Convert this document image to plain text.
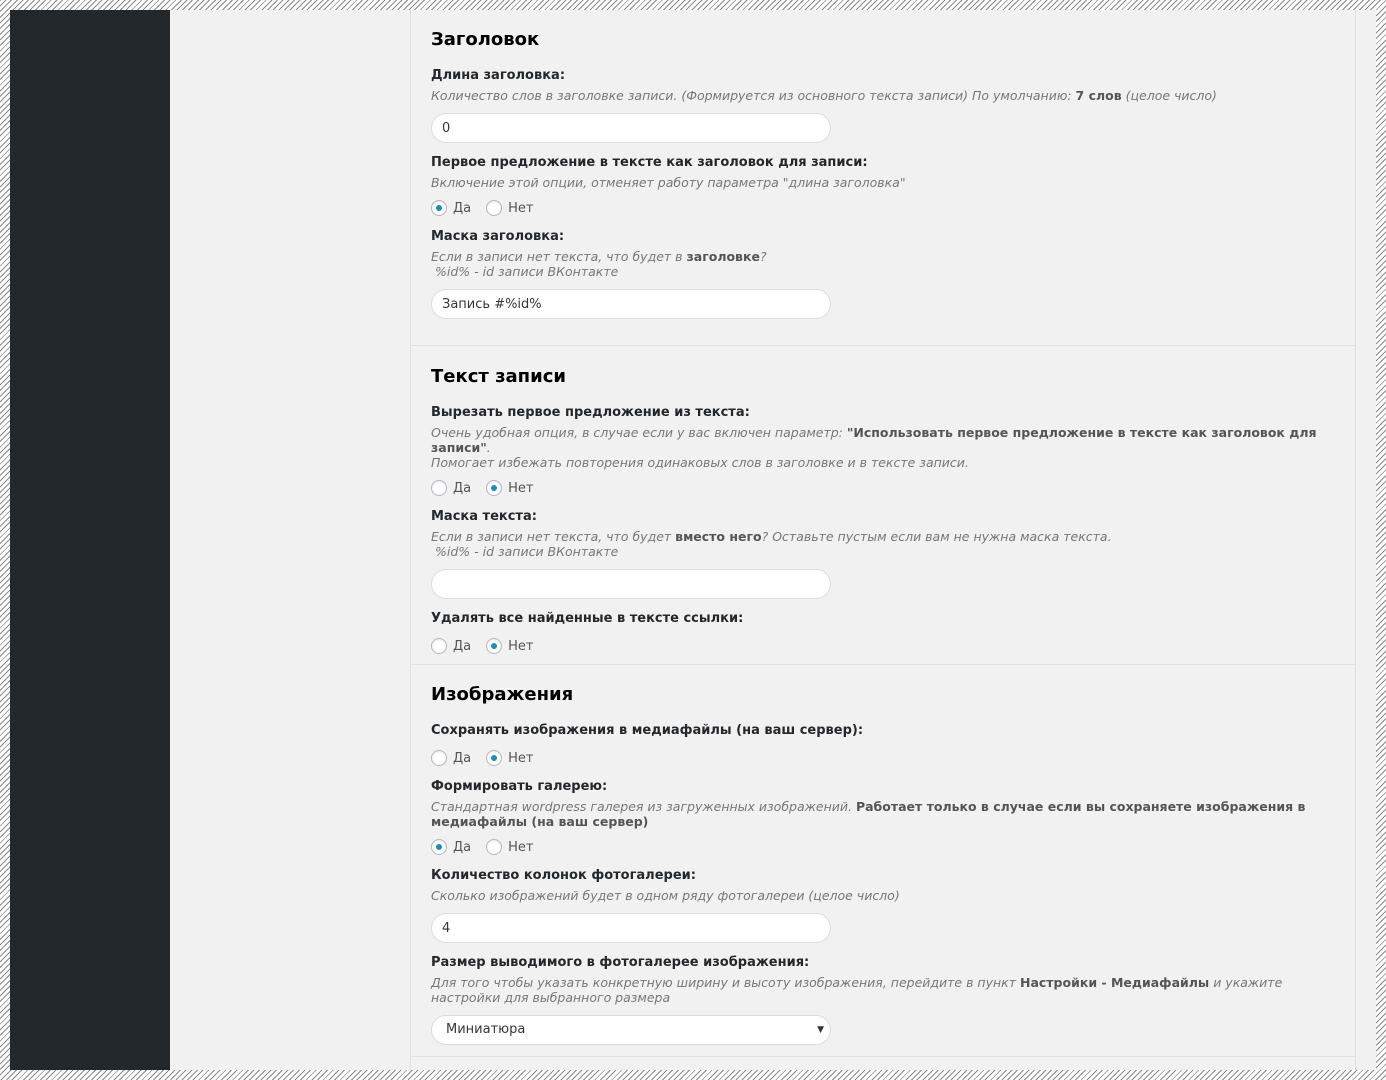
Заголовок
Длина заголовка:
Количество слов в заголовке записи. (Формируется из основного текста записи) По умолчанию: 7 слов (целое число)
0
Первое предложение в тексте как заголовок для записи:
Включение этой опции, отменяет работу параметра "длина заголовка"
Да	Нет
Маска заголовка:
Если в записи нет текста, что будет в заголовке?
%id% - id записи ВКонтакте
Запись #%id%
Текст записи
Вырезать первое предложение из текста:
Очень удобная опция, в случае если у вас включен параметр: "Использовать первое предложение в тексте как заголовок для записи".
Помогает избежать повторения одинаковых слов в заголовке и в тексте записи.
Да	Нет
Маска текста:
Если в записи нет текста, что будет вместо него? Оставьте пустым если вам не нужна маска текста.
%id% - id записи ВКонтакте
Удалять все найденные в тексте ссылки:
Да	Нет
Изображения
Сохранять изображения в медиафайлы (на ваш сервер):
Да	Нет
Формировать галерею:
Стандартная wordpress галерея из загруженных изображений. Работает только в случае если вы сохраняете изображения в медиафайлы (на ваш сервер)
Да	Нет
Количество колонок фотогалереи:
Сколько изображений будет в одном ряду фотогалереи (целое число)
4
Размер выводимого в фотогалерее изображения:
Для того чтобы указать конкретную ширину и высоту изображения, перейдите в пункт Настройки - Медиафайлы и укажите настройки для выбранного размера
Миниатюра	▼
